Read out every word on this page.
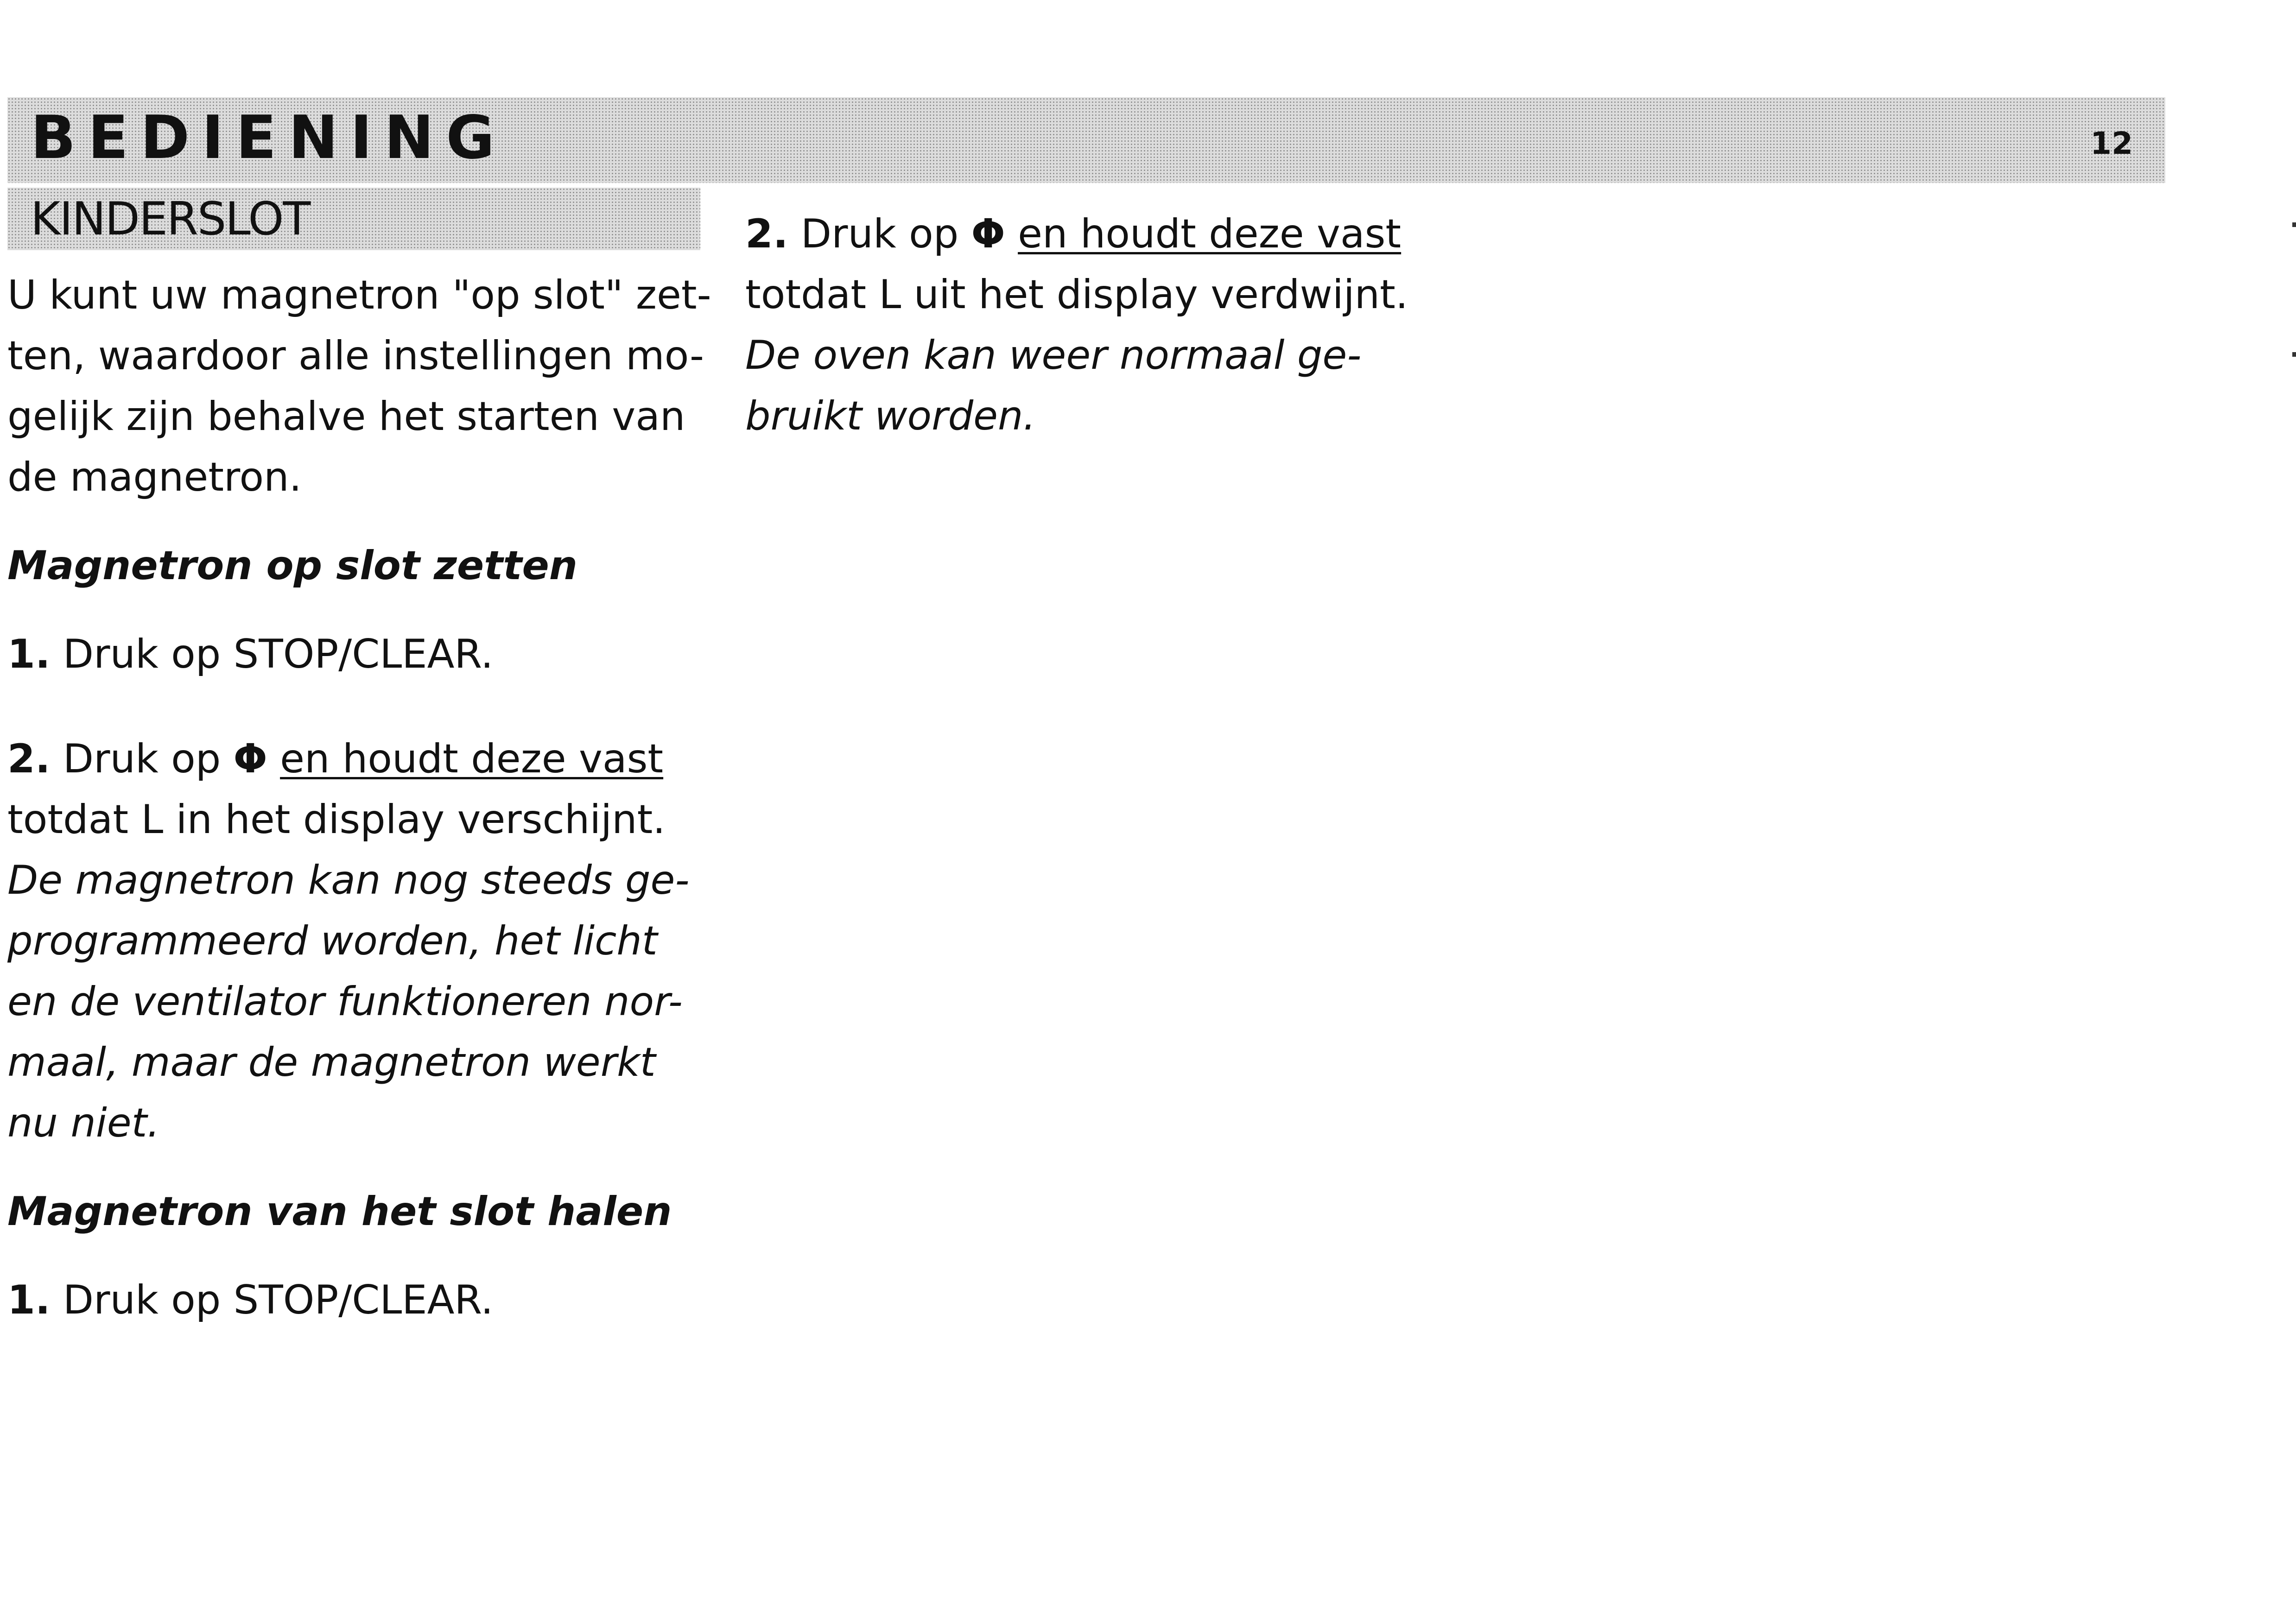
BEDIENING	12
KINDERSLOT

U kunt uw magnetron "op slot" zet-

ten, waardoor alle instellingen mo-

gelijk zijn behalve het starten van

de magnetron.

Magnetron op slot zetten

1. Druk op STOP/CLEAR.

2. Druk op Φ en houdt deze vast

totdat L in het display verschijnt.

De magnetron kan nog steeds ge-

programmeerd worden, het licht

en de ventilator funktioneren nor-

maal, maar de magnetron werkt

nu niet.

Magnetron van het slot halen

1. Druk op STOP/CLEAR.

2. Druk op Φ en houdt deze vast

totdat L uit het display verdwijnt.

De oven kan weer normaal ge-

bruikt worden.
